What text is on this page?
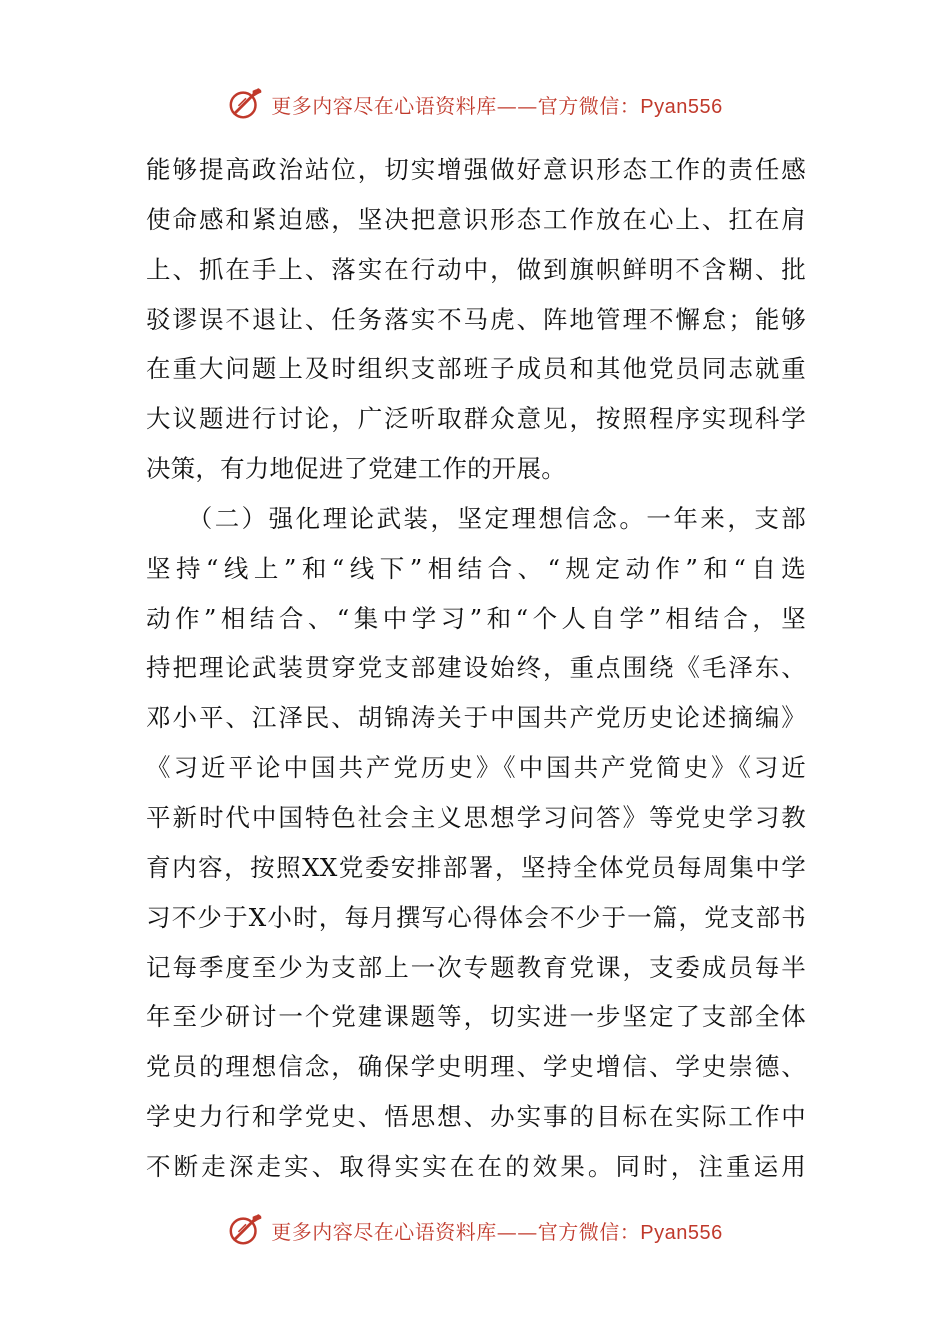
更多内容尽在心语资料库——官方微信：Pyan556
能够提高政治站位，切实增强做好意识形态工作的责任感
使命感和紧迫感，坚决把意识形态工作放在心上、扛在肩
上、抓在手上、落实在行动中，做到旗帜鲜明不含糊、批
驳谬误不退让、任务落实不马虎、阵地管理不懈怠；能够
在重大问题上及时组织支部班子成员和其他党员同志就重
大议题进行讨论，广泛听取群众意见，按照程序实现科学
决策，有力地促进了党建工作的开展。
　　（二）强化理论武装，坚定理想信念。一年来，支部
坚持“线上”和“线下”相结合、“规定动作”和“自选
动作”相结合、“集中学习”和“个人自学”相结合，坚
持把理论武装贯穿党支部建设始终，重点围绕《毛泽东、
邓小平、江泽民、胡锦涛关于中国共产党历史论述摘编》
《习近平论中国共产党历史》《中国共产党简史》《习近
平新时代中国特色社会主义思想学习问答》等党史学习教
育内容，按照XX党委安排部署，坚持全体党员每周集中学
习不少于X小时，每月撰写心得体会不少于一篇，党支部书
记每季度至少为支部上一次专题教育党课，支委成员每半
年至少研讨一个党建课题等，切实进一步坚定了支部全体
党员的理想信念，确保学史明理、学史增信、学史崇德、
学史力行和学党史、悟思想、办实事的目标在实际工作中
不断走深走实、取得实实在在的效果。同时，注重运用
更多内容尽在心语资料库——官方微信：Pyan556
